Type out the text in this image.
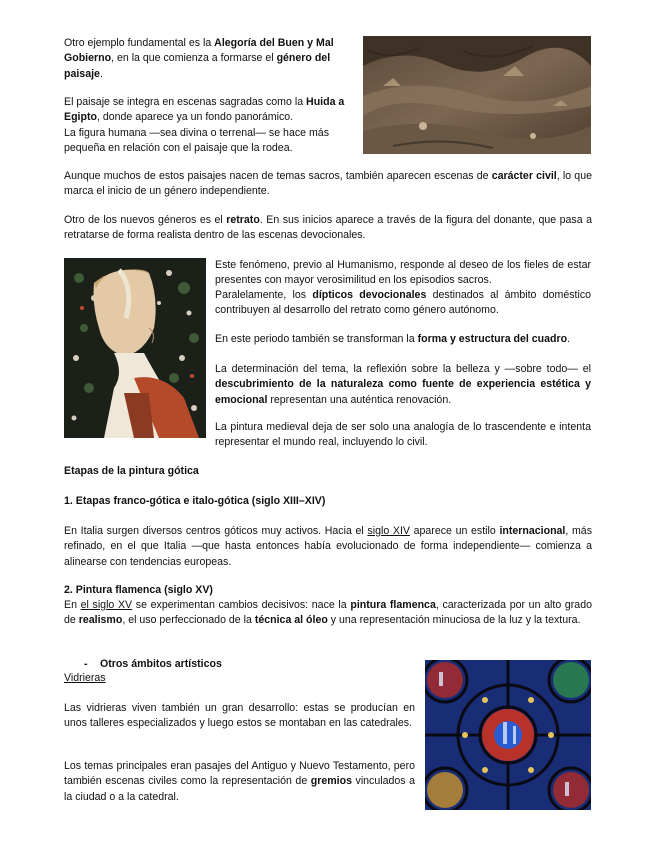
Otro ejemplo fundamental es la Alegoría del Buen y Mal Gobierno, en la que comienza a formarse el género del paisaje.

El paisaje se integra en escenas sagradas como la Huida a Egipto, donde aparece ya un fondo panorámico.

La figura humana —sea divina o terrenal— se hace más pequeña en relación con el paisaje que la rodea.

Aunque muchos de estos paisajes nacen de temas sacros, también aparecen escenas de carácter civil, lo que marca el inicio de un género independiente.

Otro de los nuevos géneros es el retrato. En sus inicios aparece a través de la figura del donante, que pasa a retratarse de forma realista dentro de las escenas devocionales.

Este fenómeno, previo al Humanismo, responde al deseo de los fieles de estar presentes con mayor verosimilitud en los episodios sacros.

Paralelamente, los dípticos devocionales destinados al ámbito doméstico contribuyen al desarrollo del retrato como género autónomo.

En este periodo también se transforman la forma y estructura del cuadro.

La determinación del tema, la reflexión sobre la belleza y —sobre todo— el descubrimiento de la naturaleza como fuente de experiencia estética y emocional representan una auténtica renovación.

La pintura medieval deja de ser solo una analogía de lo trascendente e intenta representar el mundo real, incluyendo lo civil.

Etapas de la pintura gótica

1. Etapas franco-gótica e italo-gótica (siglo XIII–XIV)

En Italia surgen diversos centros góticos muy activos. Hacia el siglo XIV aparece un estilo internacional, más refinado, en el que Italia —que hasta entonces había evolucionado de forma independiente— comienza a alinearse con tendencias europeas.

2. Pintura flamenca (siglo XV)

En el siglo XV se experimentan cambios decisivos: nace la pintura flamenca, caracterizada por un alto grado de realismo, el uso perfeccionado de la técnica al óleo y una representación minuciosa de la luz y la textura.

- Otros ámbitos artísticos

Vidrieras

Las vidrieras viven también un gran desarrollo: estas se producían en unos talleres especializados y luego estos se montaban en las catedrales.

Los temas principales eran pasajes del Antiguo y Nuevo Testamento, pero también escenas civiles como la representación de gremios vinculados a la ciudad o a la catedral.
